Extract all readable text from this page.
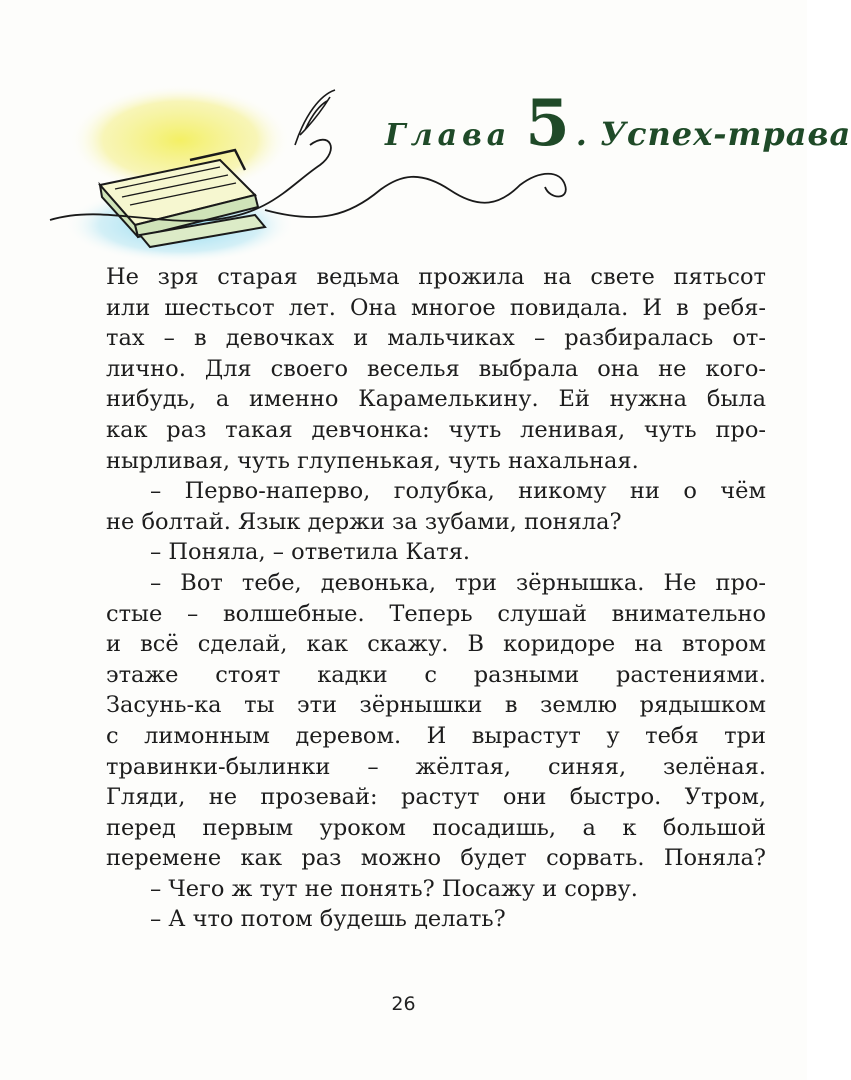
Глава 5 . Успех-трава

Не зря старая ведьма прожила на свете пятьсот

или шестьсот лет. Она многое повидала. И в ребя-

тах – в девочках и мальчиках – разбиралась от-

лично. Для своего веселья выбрала она не кого-

нибудь, а именно Карамелькину. Ей нужна была

как раз такая девчонка: чуть ленивая, чуть про-

нырливая, чуть глупенькая, чуть нахальная.

– Перво-наперво, голубка, никому ни о чём

не болтай. Язык держи за зубами, поняла?

– Поняла, – ответила Катя.

– Вот тебе, девонька, три зёрнышка. Не про-

стые – волшебные. Теперь слушай внимательно

и всё сделай, как скажу. В коридоре на втором

этаже стоят кадки с разными растениями.

Засунь-ка ты эти зёрнышки в землю рядышком

с лимонным деревом. И вырастут у тебя три

травинки-былинки – жёлтая, синяя, зелёная.

Гляди, не прозевай: растут они быстро. Утром,

перед первым уроком посадишь, а к большой

перемене как раз можно будет сорвать. Поняла?

– Чего ж тут не понять? Посажу и сорву.

– А что потом будешь делать?

26
